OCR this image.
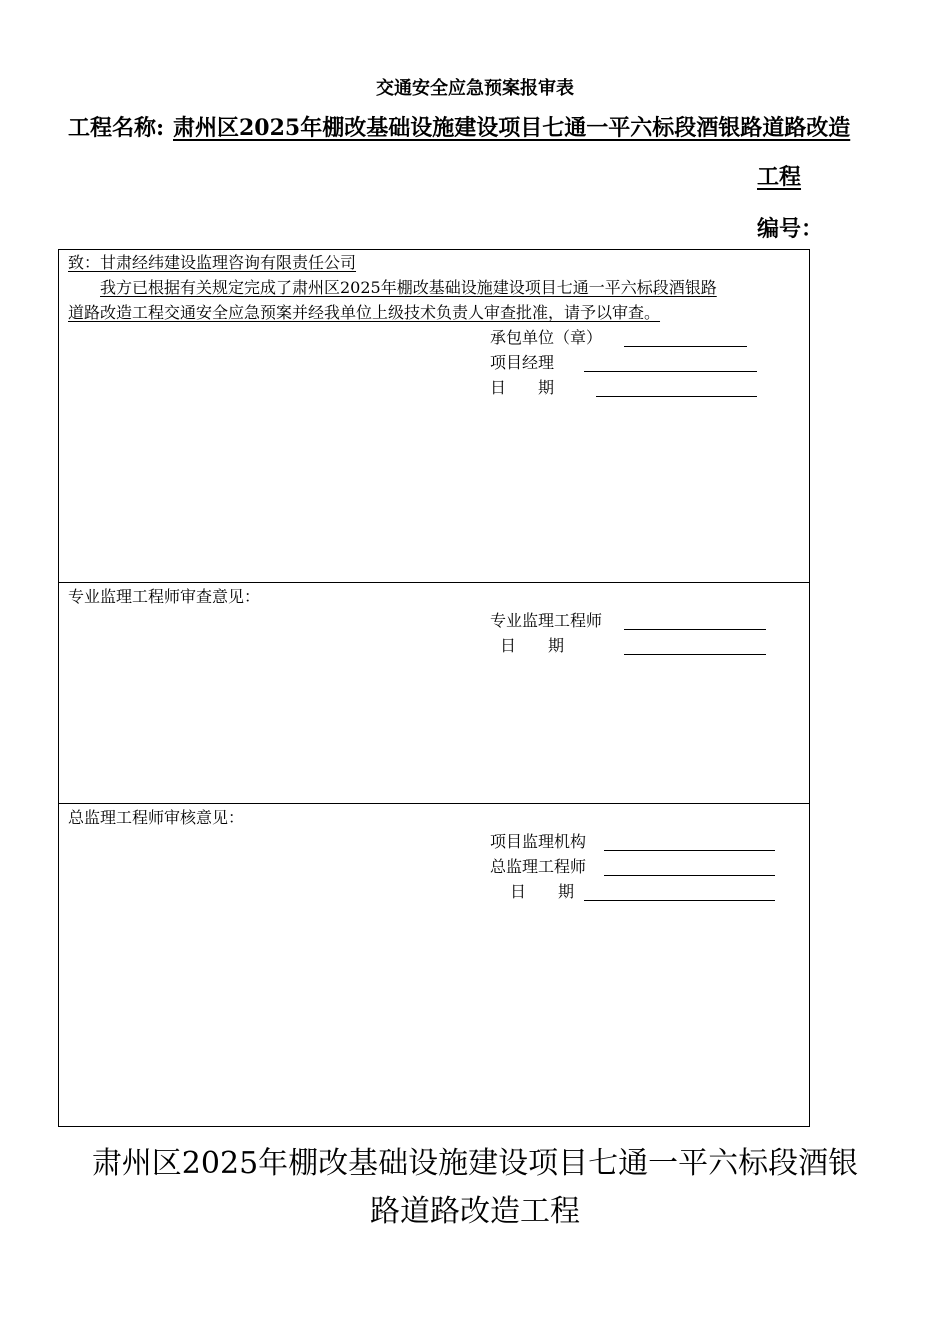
交通安全应急预案报审表
工程名称: 肃州区2025年棚改基础设施建设项目七通一平六标段酒银路道路改造
工程
编号：
致：甘肃经纬建设监理咨询有限责任公司
我方已根据有关规定完成了肃州区2025年棚改基础设施建设项目七通一平六标段酒银路
道路改造工程交通安全应急预案并经我单位上级技术负责人审查批准，请予以审查。
承包单位（章）
项目经理
日　　期
专业监理工程师审查意见：
专业监理工程师
日　　期
总监理工程师审核意见：
项目监理机构
总监理工程师
日　　期
肃州区2025年棚改基础设施建设项目七通一平六标段酒银
路道路改造工程
